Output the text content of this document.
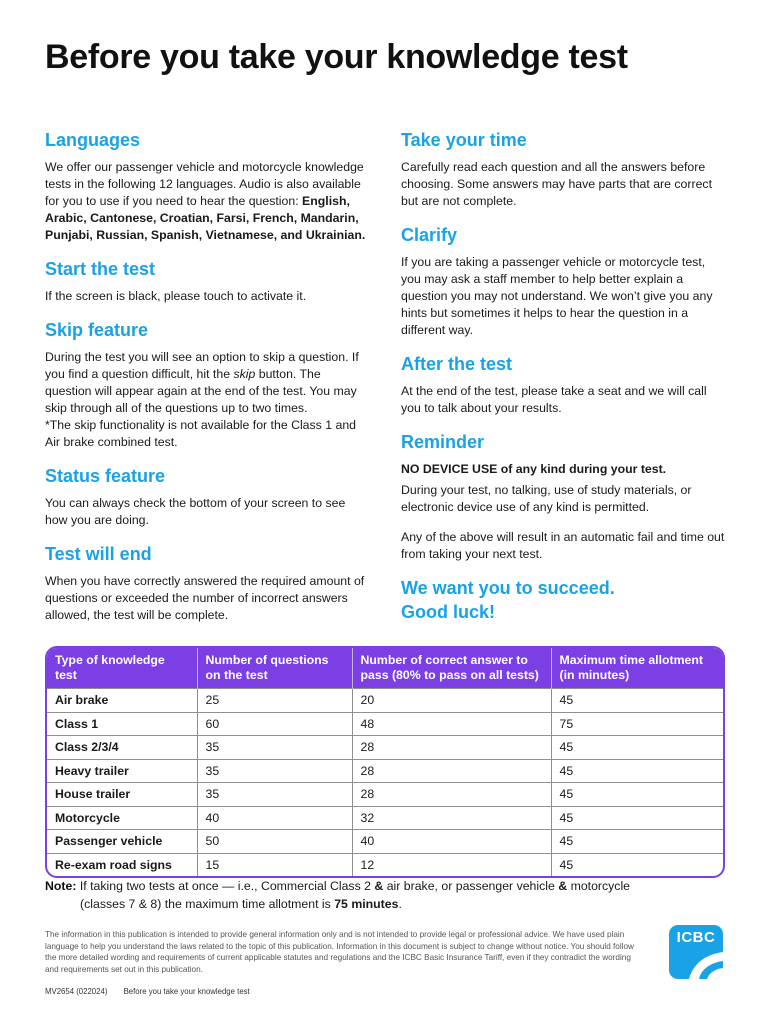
Before you take your knowledge test
Languages

We offer our passenger vehicle and motorcycle knowledge tests in the following 12 languages. Audio is also available for you to use if you need to hear the question: English, Arabic, Cantonese, Croatian, Farsi, French, Mandarin, Punjabi, Russian, Spanish, Vietnamese, and Ukrainian.

Start the test

If the screen is black, please touch to activate it.

Skip feature

During the test you will see an option to skip a question. If you find a question difficult, hit the skip button. The question will appear again at the end of the test. You may skip through all of the questions up to two times.
*The skip functionality is not available for the Class 1 and Air brake combined test.

Status feature

You can always check the bottom of your screen to see how you are doing.

Test will end

When you have correctly answered the required amount of questions or exceeded the number of incorrect answers allowed, the test will be complete.

Take your time

Carefully read each question and all the answers before choosing. Some answers may have parts that are correct but are not complete.

Clarify

If you are taking a passenger vehicle or motorcycle test, you may ask a staff member to help better explain a question you may not understand. We won’t give you any hints but sometimes it helps to hear the question in a different way.

After the test

At the end of the test, please take a seat and we will call you to talk about your results.

Reminder

NO DEVICE USE of any kind during your test.

During your test, no talking, use of study materials, or electronic device use of any kind is permitted.

Any of the above will result in an automatic fail and time out from taking your next test.

We want you to succeed.
Good luck!
Type of knowledge test	Number of questions on the test	Number of correct answer to pass (80% to pass on all tests)	Maximum time allotment (in minutes)
Air brake	25	20	45
Class 1	60	48	75
Class 2/3/4	35	28	45
Heavy trailer	35	28	45
House trailer	35	28	45
Motorcycle	40	32	45
Passenger vehicle	50	40	45
Re-exam road signs	15	12	45
Note: If taking two tests at once — i.e., Commercial Class 2 & air brake, or passenger vehicle & motorcycle
(classes 7 & 8) the maximum time allotment is 75 minutes.
The information in this publication is intended to provide general information only and is not intended to provide legal or professional advice. We have used plain language to help you understand the laws related to the topic of this publication. Information in this document is subject to change without notice. You should follow the more detailed wording and requirements of current applicable statutes and regulations and the ICBC Basic Insurance Tariff, even if they contradict the wording and requirements set out in this publication.
MV2654 (022024) Before you take your knowledge test
ICBC
